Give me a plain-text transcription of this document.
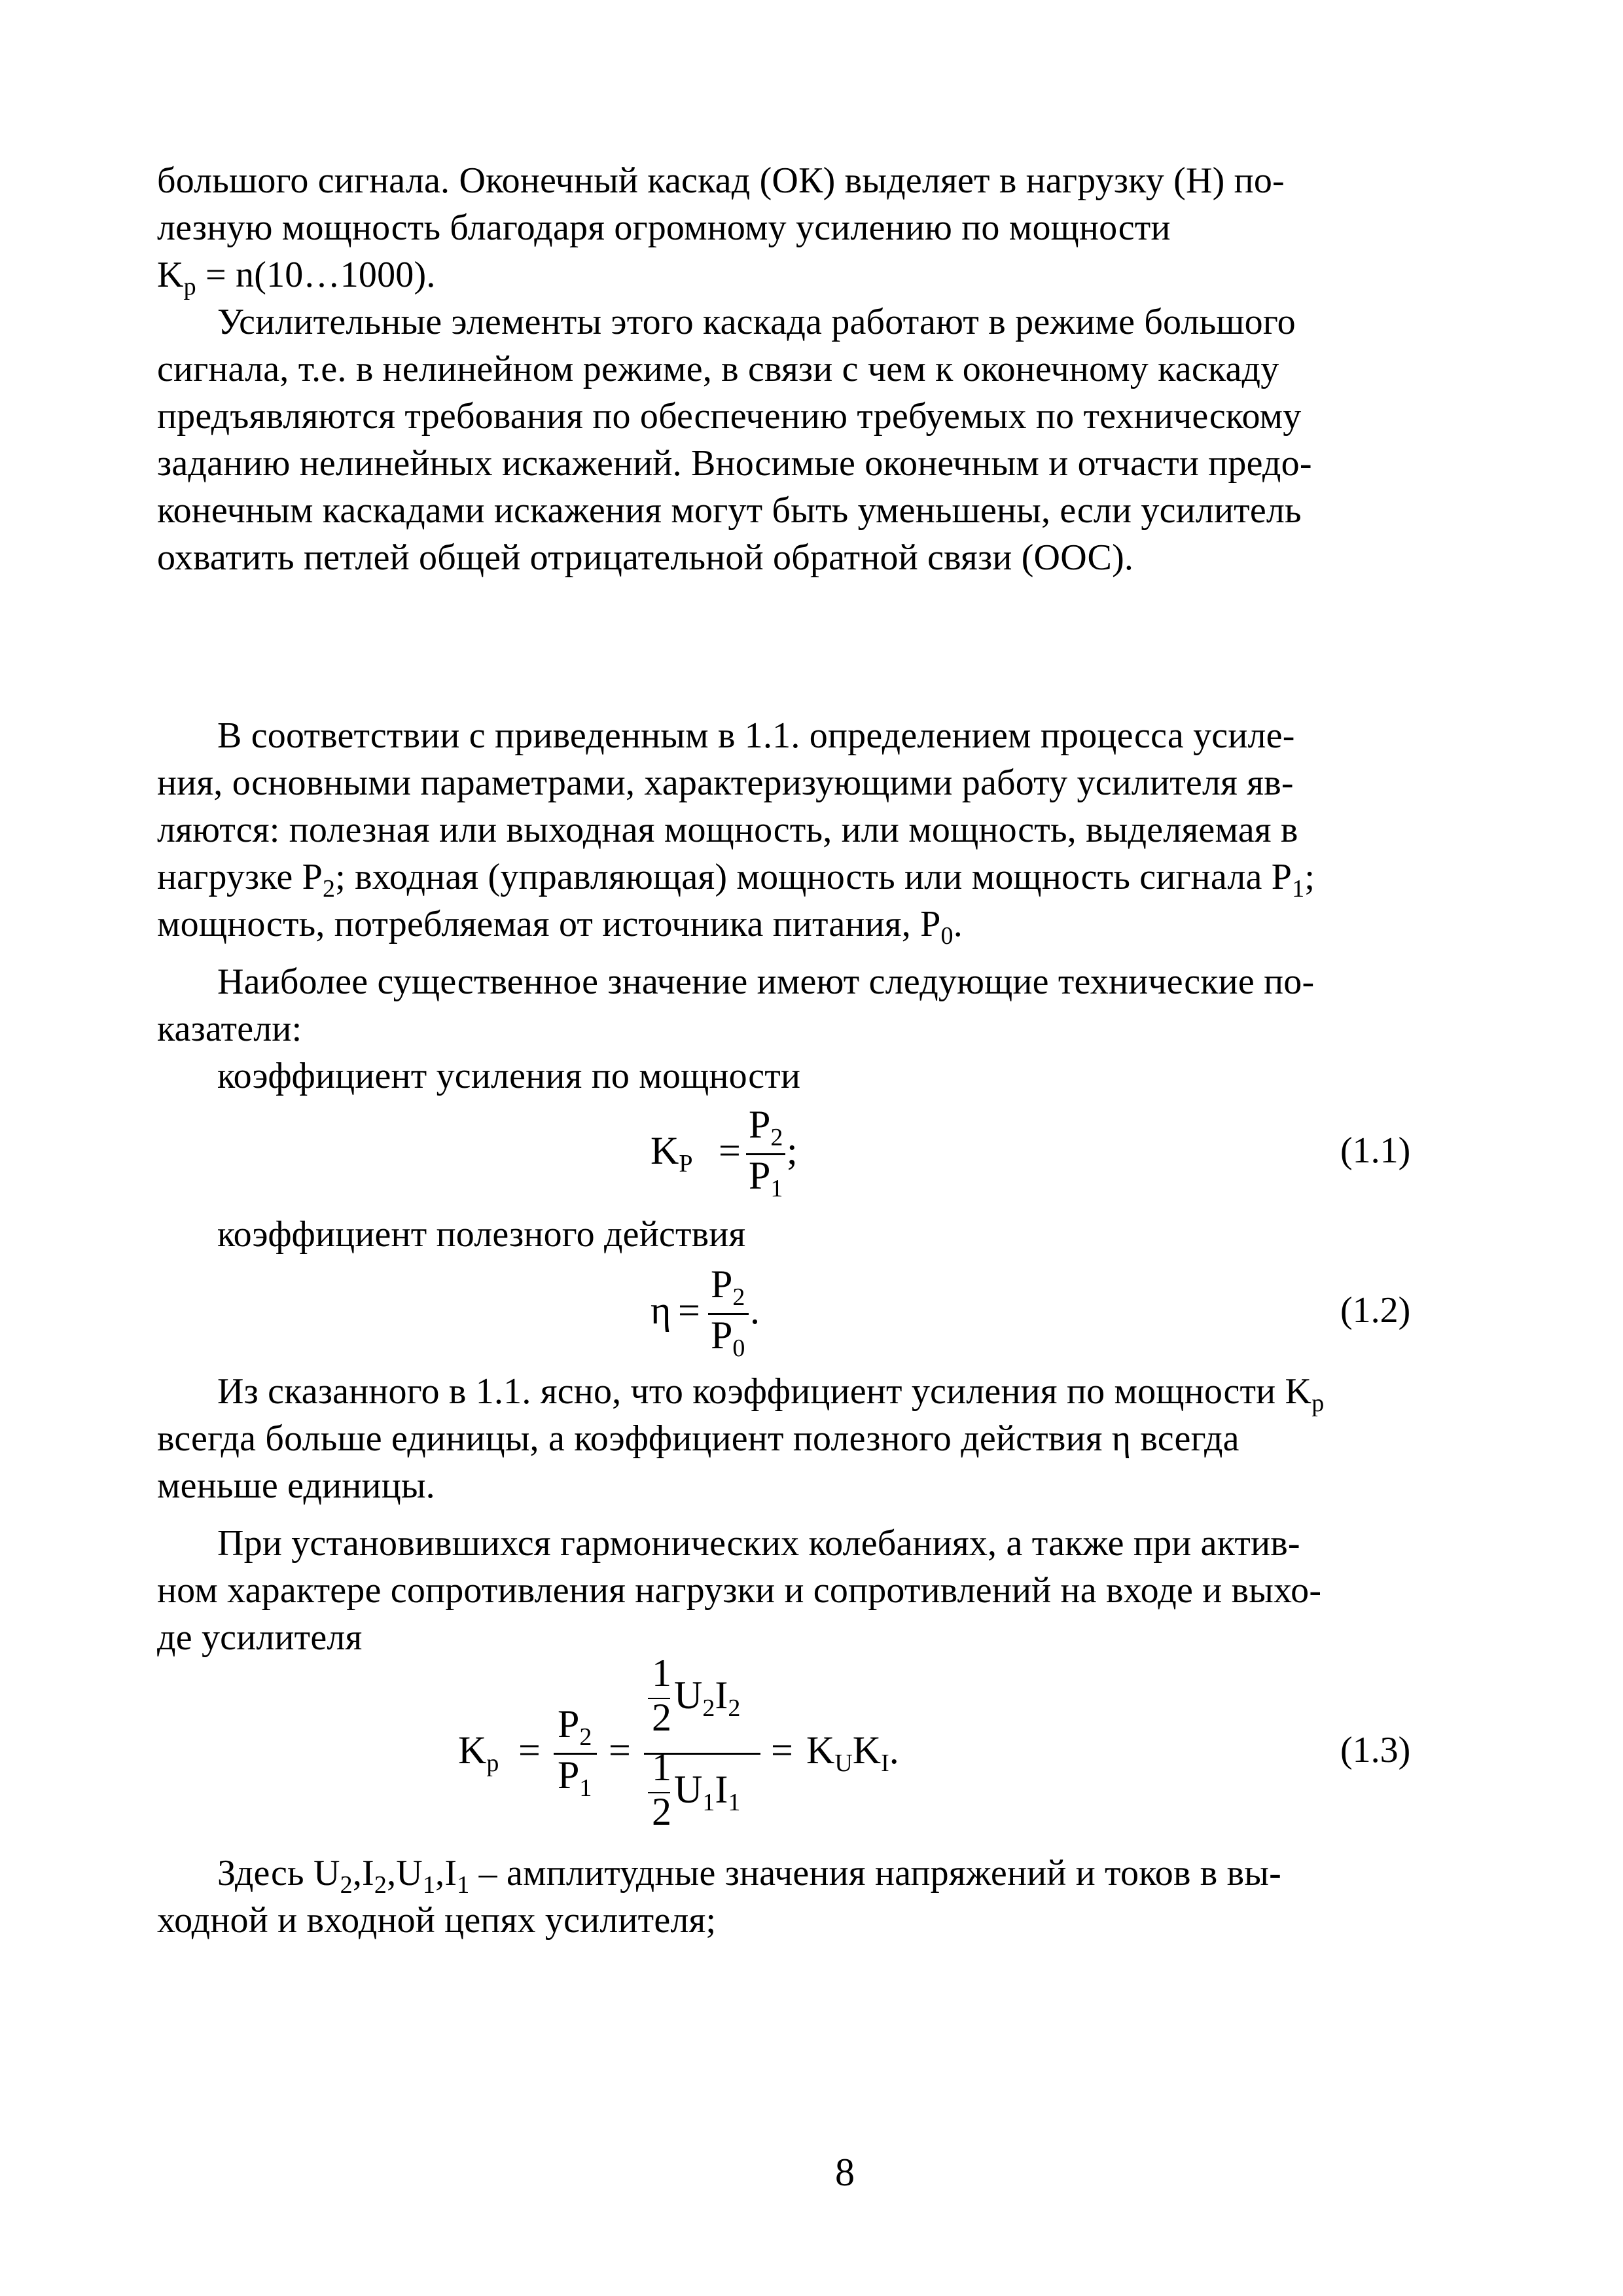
большого сигнала. Оконечный каскад (ОК) выделяет в нагрузку (Н) по-
лезную мощность благодаря огромному усилению по мощности
$K_p$ = n(10…1000).
Усилительные элементы этого каскада работают в режиме большого
сигнала, т.е. в нелинейном режиме, в связи с чем к оконечному каскаду
предъявляются требования по обеспечению требуемых по техническому
заданию нелинейных искажений. Вносимые оконечным и отчасти предо-
конечным каскадами искажения могут быть уменьшены, если усилитель
охватить петлей общей отрицательной обратной связи (ООС).
В соответствии с приведенным в 1.1. определением процесса усиле-
ния, основными параметрами, характеризующими работу усилителя яв-
ляются: полезная или выходная мощность, или мощность, выделяемая в
нагрузке $P_2$; входная (управляющая) мощность или мощность сигнала $P_1$;
мощность, потребляемая от источника питания, $P_0$.
Наиболее существенное значение имеют следующие технические по-
казатели:
коэффициент усиления по мощности
$K_P$ =
$P_2$
$P_1$
;	(1.1)
коэффициент полезного действия
η =
$P_2$
$P_0$
.	(1.2)
Из сказанного в 1.1. ясно, что коэффициент усиления по мощности $K_p$
всегда больше единицы, а коэффициент полезного действия η всегда
меньше единицы.
При установившихся гармонических колебаниях, а также при актив-
ном характере сопротивления нагрузки и сопротивлений на входе и выхо-
де усилителя
$K_p$ =
$P_2$
$P_1$
=
1
2
$U_2I_2$
1
2
$U_1I_1$
= $K_UK_I$.	(1.3)
Здесь $U_2,I_2,U_1,I_1$ – амплитудные значения напряжений и токов в вы-
ходной и входной цепях усилителя;
8
